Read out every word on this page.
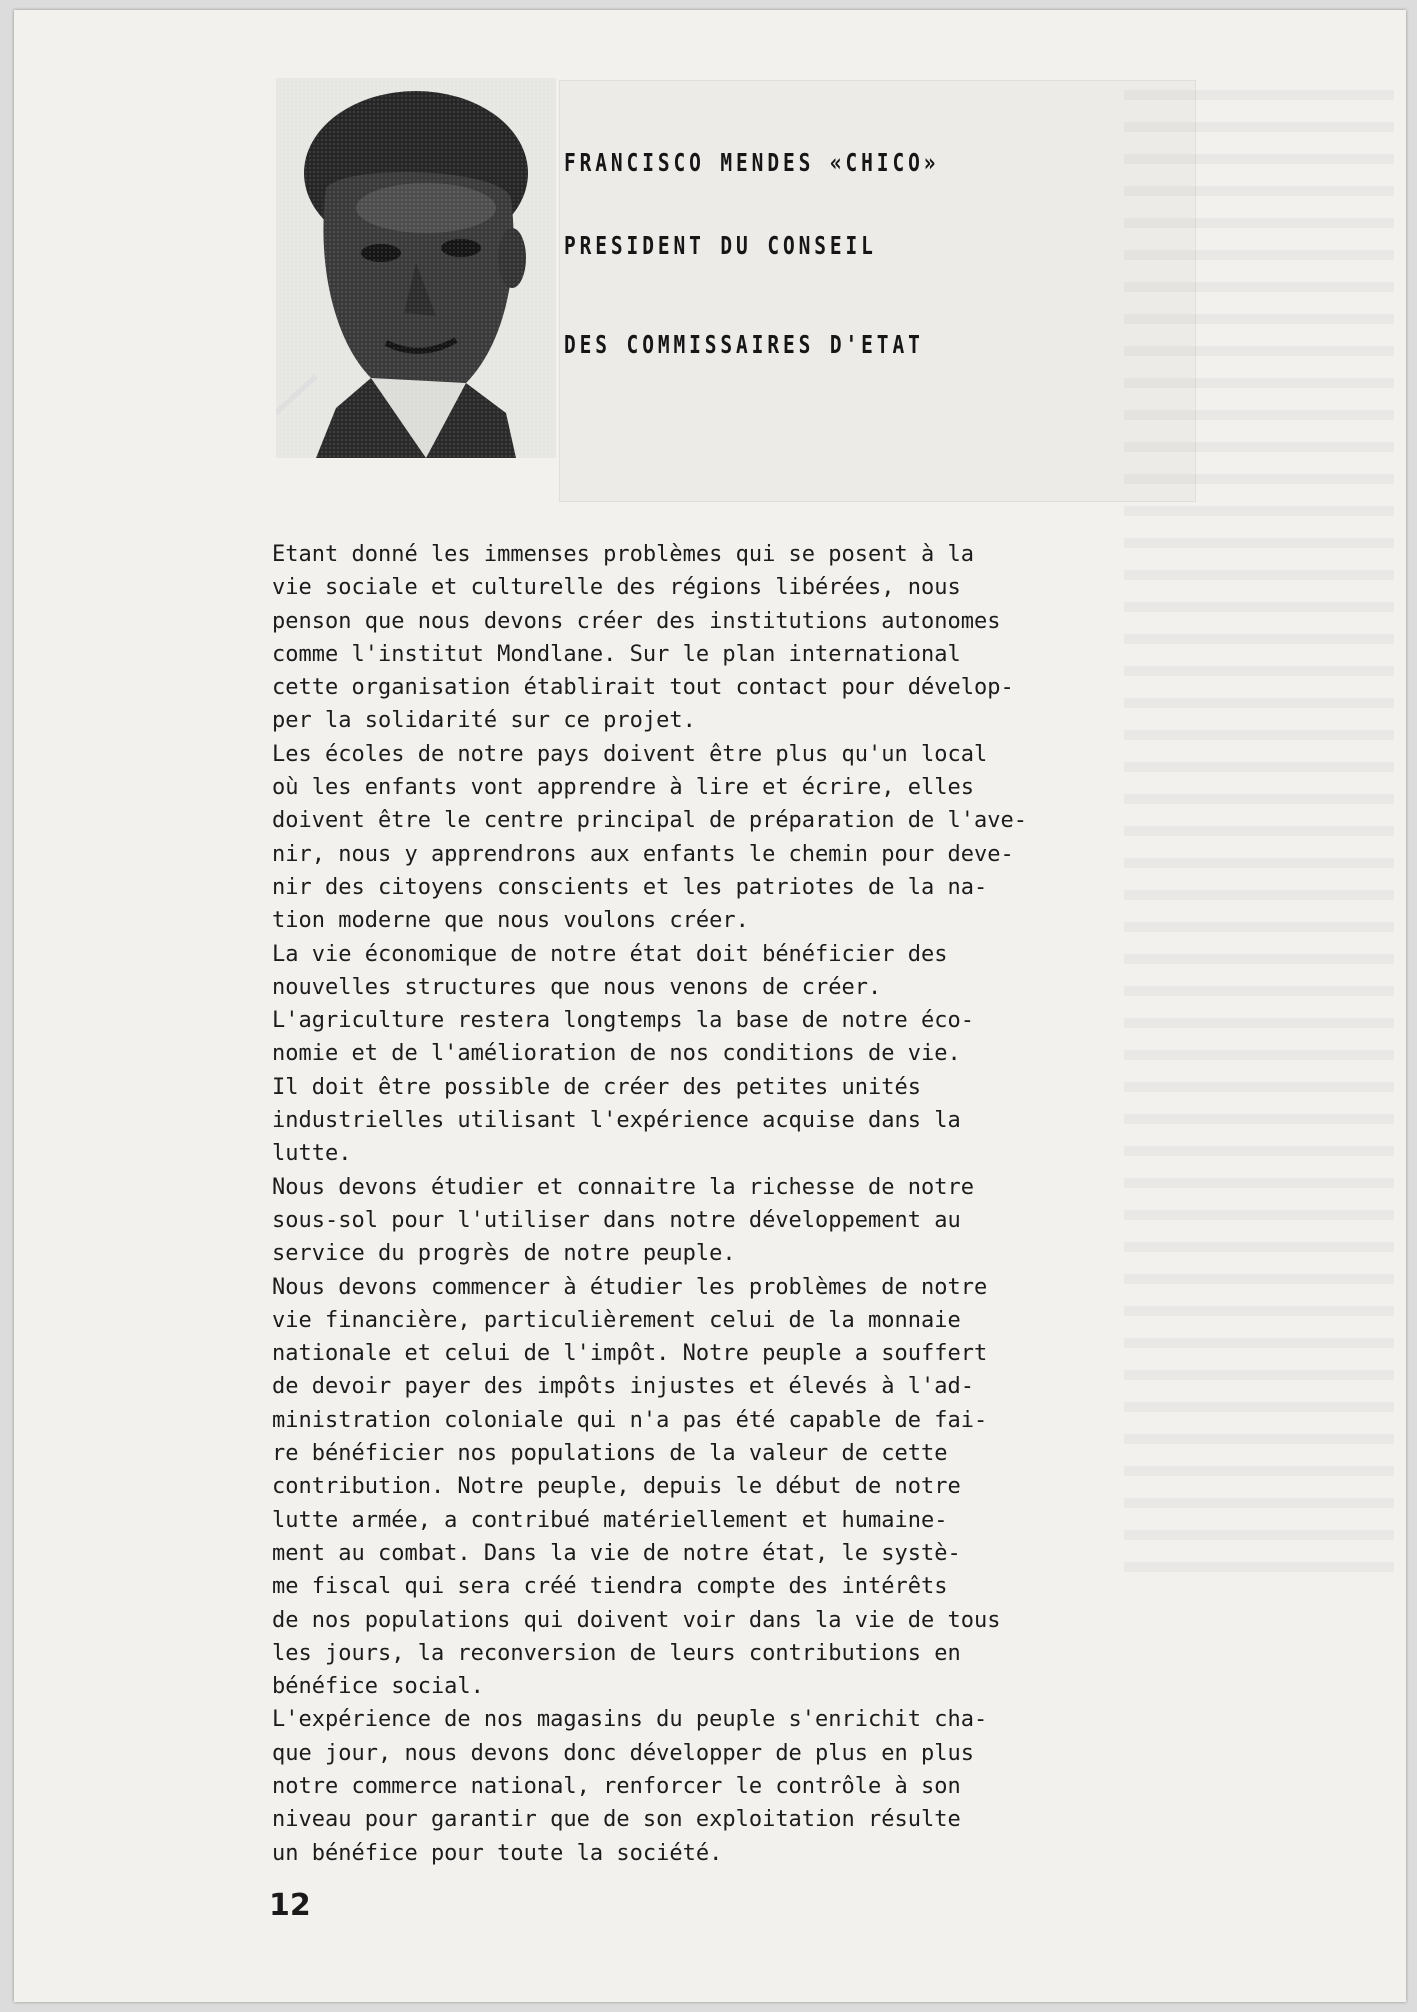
FRANCISCO MENDES «CHICO»
PRESIDENT DU CONSEIL
DES COMMISSAIRES D'ETAT

Etant donné les immenses problèmes qui se posent à la
vie sociale et culturelle des régions libérées, nous
penson que nous devons créer des institutions autonomes
comme l'institut Mondlane. Sur le plan international
cette organisation établirait tout contact pour dévelop-
per la solidarité sur ce projet.

Les écoles de notre pays doivent être plus qu'un local
où les enfants vont apprendre à lire et écrire, elles
doivent être le centre principal de préparation de l'ave-
nir, nous y apprendrons aux enfants le chemin pour deve-
nir des citoyens conscients et les patriotes de la na-
tion moderne que nous voulons créer.

La vie économique de notre état doit bénéficier des
nouvelles structures que nous venons de créer.

L'agriculture restera longtemps la base de notre éco-
nomie et de l'amélioration de nos conditions de vie.
Il doit être possible de créer des petites unités
industrielles utilisant l'expérience acquise dans la
lutte.

Nous devons étudier et connaitre la richesse de notre
sous-sol pour l'utiliser dans notre développement au
service du progrès de notre peuple.

Nous devons commencer à étudier les problèmes de notre
vie financière, particulièrement celui de la monnaie
nationale et celui de l'impôt. Notre peuple a souffert
de devoir payer des impôts injustes et élevés à l'ad-
ministration coloniale qui n'a pas été capable de fai-
re bénéficier nos populations de la valeur de cette
contribution. Notre peuple, depuis le début de notre
lutte armée, a contribué matériellement et humaine-
ment au combat. Dans la vie de notre état, le systè-
me fiscal qui sera créé tiendra compte des intérêts
de nos populations qui doivent voir dans la vie de tous
les jours, la reconversion de leurs contributions en
bénéfice social.

L'expérience de nos magasins du peuple s'enrichit cha-
que jour, nous devons donc développer de plus en plus
notre commerce national, renforcer le contrôle à son
niveau pour garantir que de son exploitation résulte
un bénéfice pour toute la société.

12
